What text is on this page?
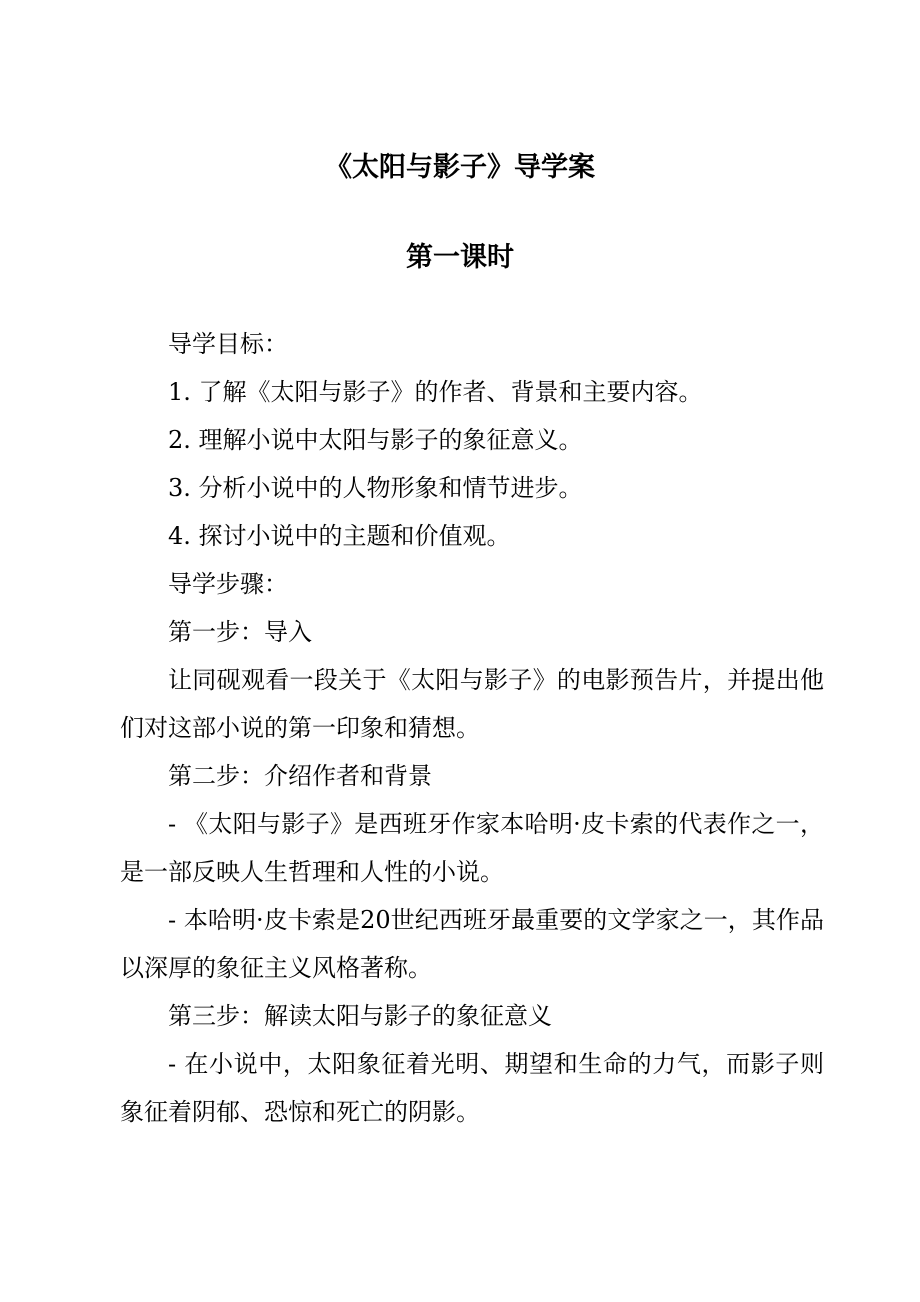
《太阳与影子》导学案
第一课时

导学目标：

1. 了解《太阳与影子》的作者、背景和主要内容。

2. 理解小说中太阳与影子的象征意义。

3. 分析小说中的人物形象和情节进步。

4. 探讨小说中的主题和价值观。

导学步骤：

第一步：导入

让同砚观看一段关于《太阳与影子》的电影预告片，并提出他们对这部小说的第一印象和猜想。

第二步：介绍作者和背景

- 《太阳与影子》是西班牙作家本哈明·皮卡索的代表作之一，是一部反映人生哲理和人性的小说。

- 本哈明·皮卡索是20世纪西班牙最重要的文学家之一，其作品以深厚的象征主义风格著称。

第三步：解读太阳与影子的象征意义

- 在小说中，太阳象征着光明、期望和生命的力气，而影子则象征着阴郁、恐惊和死亡的阴影。
